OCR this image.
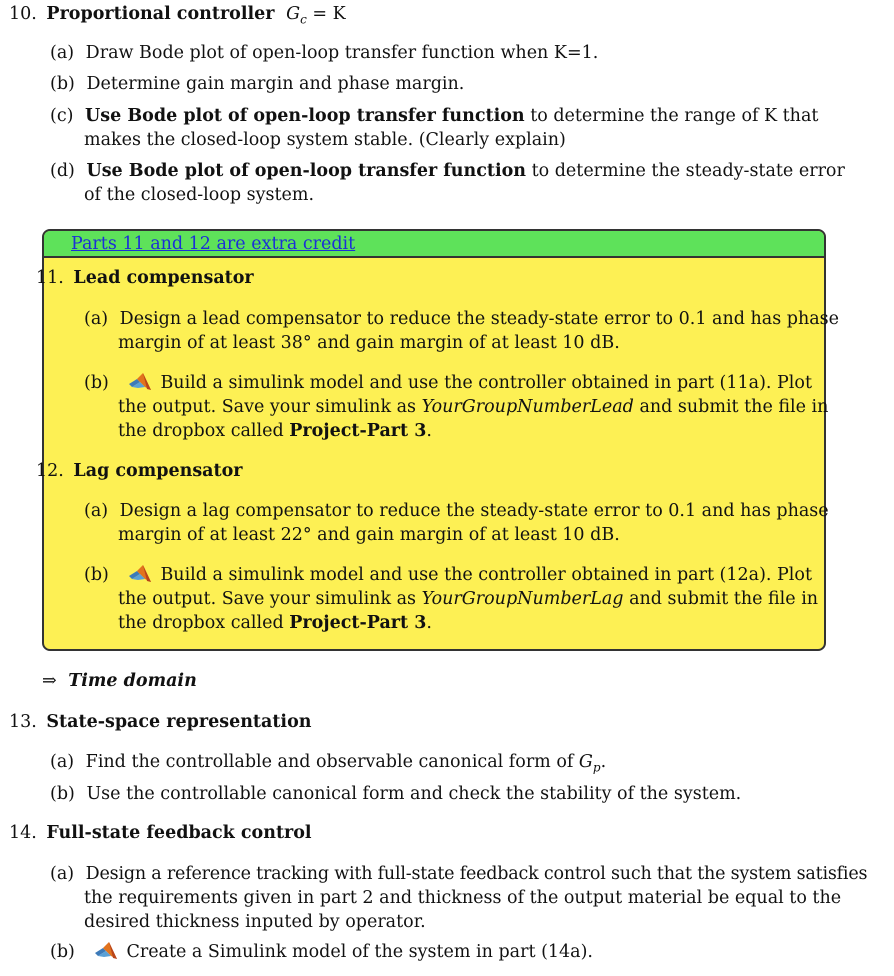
10. Proportional controller $G_c = K$
(a) Draw Bode plot of open-loop transfer function when K=1.
(b) Determine gain margin and phase margin.
(c) Use Bode plot of open-loop transfer function to determine the range of K that
makes the closed-loop system stable. (Clearly explain)
(d) Use Bode plot of open-loop transfer function to determine the steady-state error
of the closed-loop system.
Parts 11 and 12 are extra credit
11. Lead compensator
(a) Design a lead compensator to reduce the steady-state error to 0.1 and has phase
margin of at least 38° and gain margin of at least 10 dB.
(b)	Build a simulink model and use the controller obtained in part (11a). Plot
the output. Save your simulink as YourGroupNumberLead and submit the file in
the dropbox called Project-Part 3.
12. Lag compensator
(a) Design a lag compensator to reduce the steady-state error to 0.1 and has phase
margin of at least 22° and gain margin of at least 10 dB.
(b)	Build a simulink model and use the controller obtained in part (12a). Plot
the output. Save your simulink as YourGroupNumberLag and submit the file in
the dropbox called Project-Part 3.
⇒ Time domain
13. State-space representation
(a) Find the controllable and observable canonical form of $G_p$.
(b) Use the controllable canonical form and check the stability of the system.
14. Full-state feedback control
(a) Design a reference tracking with full-state feedback control such that the system satisfies
the requirements given in part 2 and thickness of the output material be equal to the
desired thickness inputed by operator.
(b)	Create a Simulink model of the system in part (14a).
